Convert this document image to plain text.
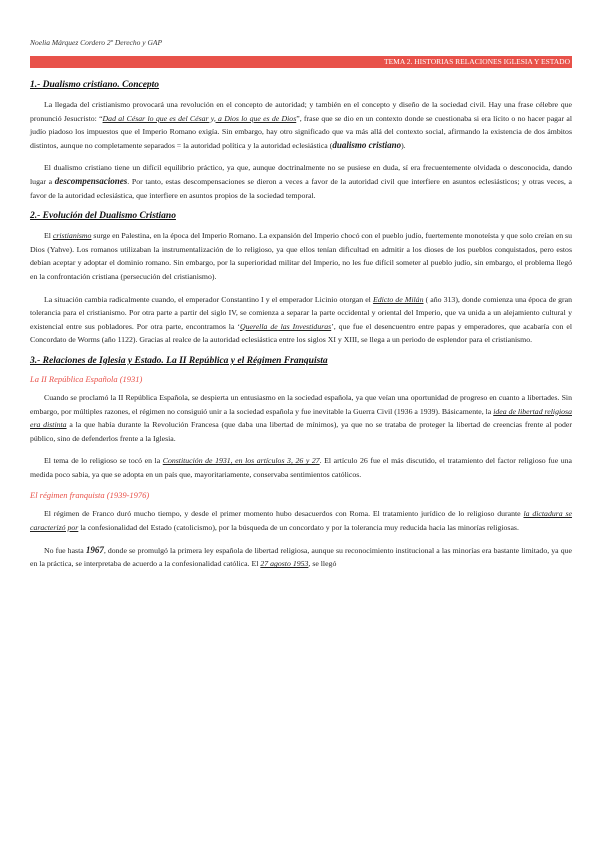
Noelia Márquez Cordero 2º Derecho y GAP
TEMA 2. HISTORIAS RELACIONES IGLESIA Y ESTADO
1.- Dualismo cristiano. Concepto

La llegada del cristianismo provocará una revolución en el concepto de autoridad; y también en el concepto y diseño de la sociedad civil. Hay una frase célebre que pronunció Jesucristo: “Dad al César lo que es del César y, a Dios lo que es de Dios”, frase que se dio en un contexto donde se cuestionaba si era lícito o no hacer pagar al judío piadoso los impuestos que el Imperio Romano exigía. Sin embargo, hay otro significado que va más allá del contexto social, afirmando la existencia de dos ámbitos distintos, aunque no completamente separados = la autoridad política y la autoridad eclesiástica (dualismo cristiano).

El dualismo cristiano tiene un difícil equilibrio práctico, ya que, aunque doctrinalmente no se pusiese en duda, sí era frecuentemente olvidada o desconocida, dando lugar a descompensaciones. Por tanto, estas descompensaciones se dieron a veces a favor de la autoridad civil que interfiere en asuntos eclesiásticos; y otras veces, a favor de la autoridad eclesiástica, que interfiere en asuntos propios de la sociedad temporal.

2.- Evolución del Dualismo Cristiano

El cristianismo surge en Palestina, en la época del Imperio Romano. La expansión del Imperio chocó con el pueblo judío, fuertemente monoteísta y que solo creían en su Dios (Yahve). Los romanos utilizaban la instrumentalización de lo religioso, ya que ellos tenían dificultad en admitir a los dioses de los pueblos conquistados, pero estos debían aceptar y adoptar el dominio romano. Sin embargo, por la superioridad militar del Imperio, no les fue difícil someter al pueblo judío, sin embargo, el problema llegó en la confrontación cristiana (persecución del cristianismo).

La situación cambia radicalmente cuando, el emperador Constantino I y el emperador Licinio otorgan el Edicto de Milán ( año 313), donde comienza una época de gran tolerancia para el cristianismo. Por otra parte a partir del siglo IV, se comienza a separar la parte occidental y oriental del Imperio, que va unida a un alejamiento cultural y existencial entre sus pobladores. Por otra parte, encontramos la ‘Querella de las Investiduras’, que fue el desencuentro entre papas y emperadores, que acabaría con el Concordato de Worms (año 1122). Gracias al realce de la autoridad eclesiástica entre los siglos XI y XIII, se llega a un periodo de esplendor para el cristianismo.

3.- Relaciones de Iglesia y Estado. La II República y el Régimen Franquista
La II República Española (1931)

Cuando se proclamó la II República Española, se despierta un entusiasmo en la sociedad española, ya que veían una oportunidad de progreso en cuanto a libertades. Sin embargo, por múltiples razones, el régimen no consiguió unir a la sociedad española y fue inevitable la Guerra Civil (1936 a 1939). Básicamente, la idea de libertad religiosa era distinta a la que había durante la Revolución Francesa (que daba una libertad de mínimos), ya que no se trataba de proteger la libertad de creencias frente al poder público, sino de defenderlos frente a la Iglesia.

El tema de lo religioso se tocó en la Constitución de 1931, en los artículos 3, 26 y 27. El artículo 26 fue el más discutido, el tratamiento del factor religioso fue una medida poco sabia, ya que se adopta en un país que, mayoritariamente, conservaba sentimientos católicos.

El régimen franquista (1939-1976)

El régimen de Franco duró mucho tiempo, y desde el primer momento hubo desacuerdos con Roma. El tratamiento jurídico de lo religioso durante la dictadura se caracterizó por la confesionalidad del Estado (catolicismo), por la búsqueda de un concordato y por la tolerancia muy reducida hacia las minorías religiosas.

No fue hasta 1967, donde se promulgó la primera ley española de libertad religiosa, aunque su reconocimiento institucional a las minorías era bastante limitado, ya que en la práctica, se interpretaba de acuerdo a la confesionalidad católica. El 27 agosto 1953, se llegó
